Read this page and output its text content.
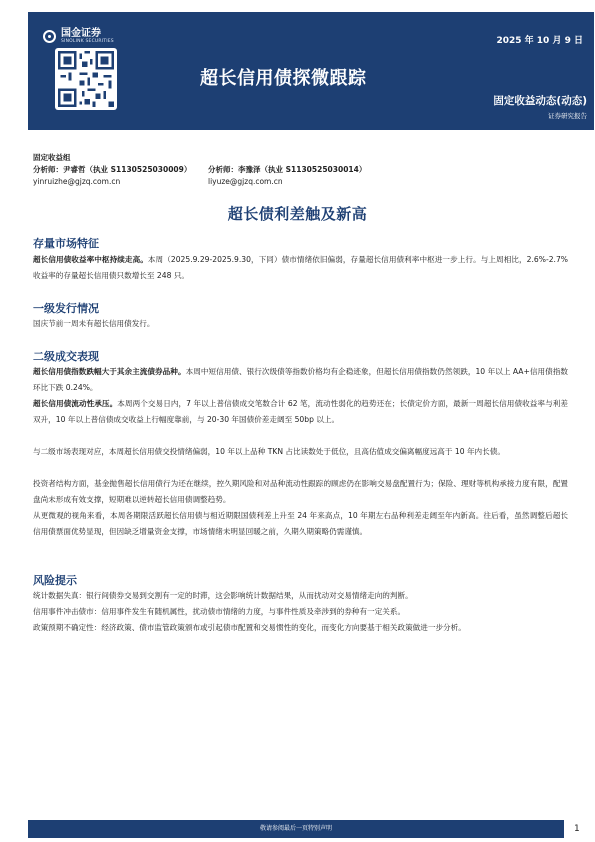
国金证券
SINOLINK SECURITIES	2025 年 10 月 9 日
超长信用债探微跟踪
固定收益动态(动态)
证券研究报告
固定收益组
分析师：尹睿哲（执业 S1130525030009） 分析师：李豫泽（执业 S1130525030014）
yinruizhe@gjzq.com.cn	liyuze@gjzq.com.cn
超长债利差触及新高
存量市场特征
超长信用债收益率中枢持续走高。本周（2025.9.29-2025.9.30，下同）债市情绪依旧偏弱，存量超长信用债利率中枢进一步上行。与上周相比，2.6%-2.7%收益率的存量超长信用债只数增长至 248 只。
一级发行情况
国庆节前一周未有超长信用债发行。
二级成交表现
超长信用债指数跌幅大于其余主流债券品种。本周中短信用债、银行次级债等指数价格均有企稳迹象，但超长信用债指数仍然领跌，10 年以上 AA+信用债指数环比下跌 0.24%。
超长信用债流动性承压。本周两个交易日内，7 年以上普信债成交笔数合计 62 笔，流动性弱化的趋势还在；长债定价方面，最新一周超长信用债收益率与利差双升，10 年以上普信债成交收益上行幅度靠前，与 20-30 年国债价差走阔至 50bp 以上。
与二级市场表现对应，本周超长信用债交投情绪偏弱，10 年以上品种 TKN 占比读数处于低位，且高估值成交偏离幅度远高于 10 年内长债。
投资者结构方面，基金抛售超长信用债行为还在继续，控久期风险和对品种流动性跟踪的顾虑仍在影响交易盘配置行为；保险、理财等机构承接力度有限，配置盘尚未形成有效支撑，短期难以逆转超长信用债调整趋势。
从更微观的视角来看，本周各期限活跃超长信用债与相近期限国债利差上升至 24 年来高点，10 年期左右品种利差走阔至年内新高。往后看，虽然调整后超长信用债票面优势显现，但因缺乏增量资金支撑，市场情绪未明显回暖之前，久期久期策略仍需谨慎。
风险提示
统计数据失真：银行间债券交易到交割有一定的时滞，这会影响统计数据结果，从而扰动对交易情绪走向的判断。
信用事件冲击债市：信用事件发生有随机属性，扰动债市情绪的力度，与事件性质及牵涉到的券种有一定关系。
政策预期不确定性：经济政策、债市监管政策颁布或引起债市配置和交易惯性的变化，而变化方向要基于相关政策做进一步分析。
敬请参阅最后一页特别声明	1
